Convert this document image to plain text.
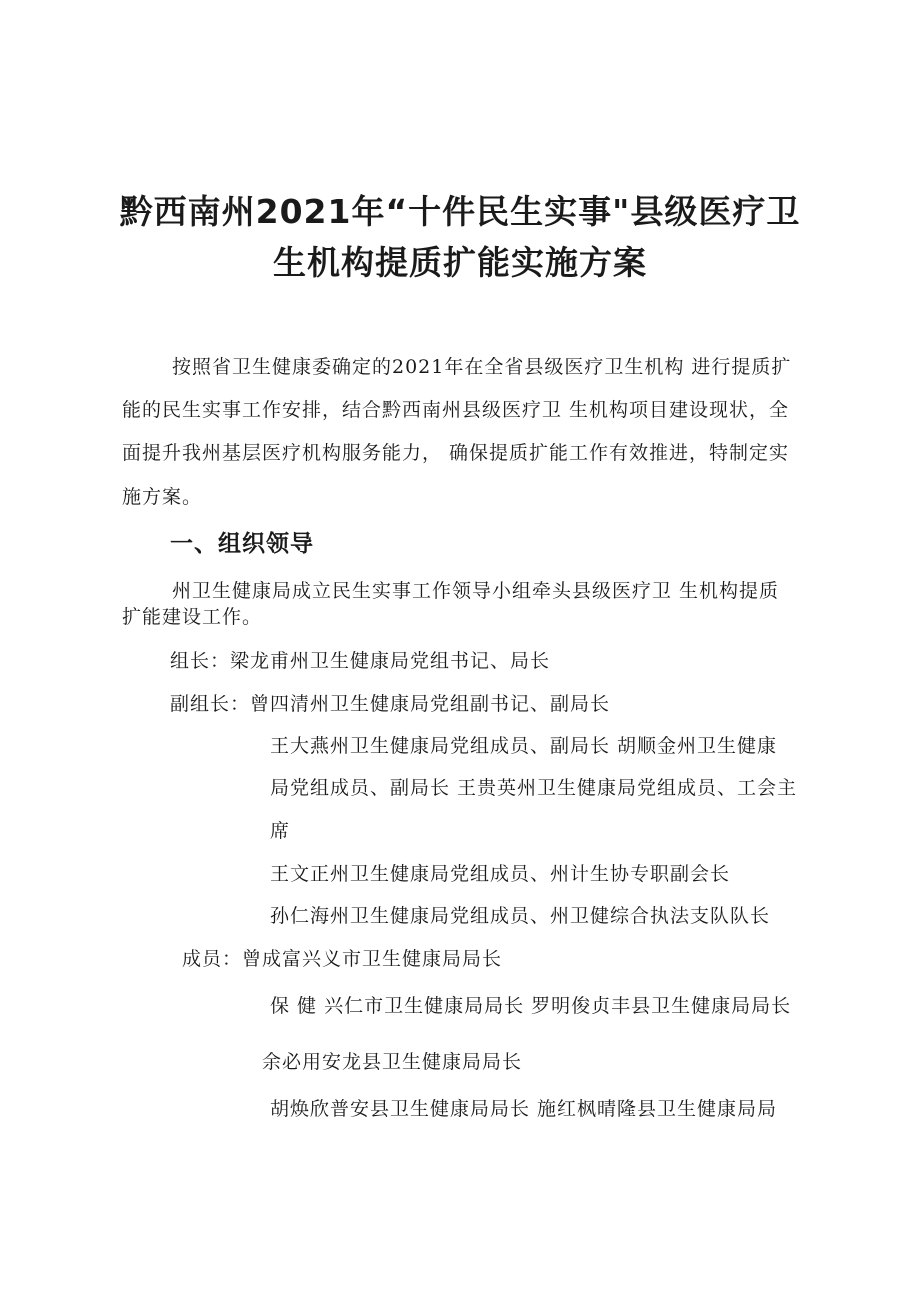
黔西南州2021年“十件民生实事"县级医疗卫
生机构提质扩能实施方案
按照省卫生健康委确定的2021年在全省县级医疗卫生机构 进行提质扩
能的民生实事工作安排，结合黔西南州县级医疗卫 生机构项目建设现状，全
面提升我州基层医疗机构服务能力， 确保提质扩能工作有效推进，特制定实
施方案。
一、组织领导
州卫生健康局成立民生实事工作领导小组牵头县级医疗卫 生机构提质
扩能建设工作。
组长：梁龙甫州卫生健康局党组书记、局长
副组长：曾四清州卫生健康局党组副书记、副局长
王大燕州卫生健康局党组成员、副局长 胡顺金州卫生健康
局党组成员、副局长 王贵英州卫生健康局党组成员、工会主
席
王文正州卫生健康局党组成员、州计生协专职副会长
孙仁海州卫生健康局党组成员、州卫健综合执法支队队长
成员：曾成富兴义市卫生健康局局长
保 健 兴仁市卫生健康局局长 罗明俊贞丰县卫生健康局局长
余必用安龙县卫生健康局局长
胡焕欣普安县卫生健康局局长 施红枫晴隆县卫生健康局局
